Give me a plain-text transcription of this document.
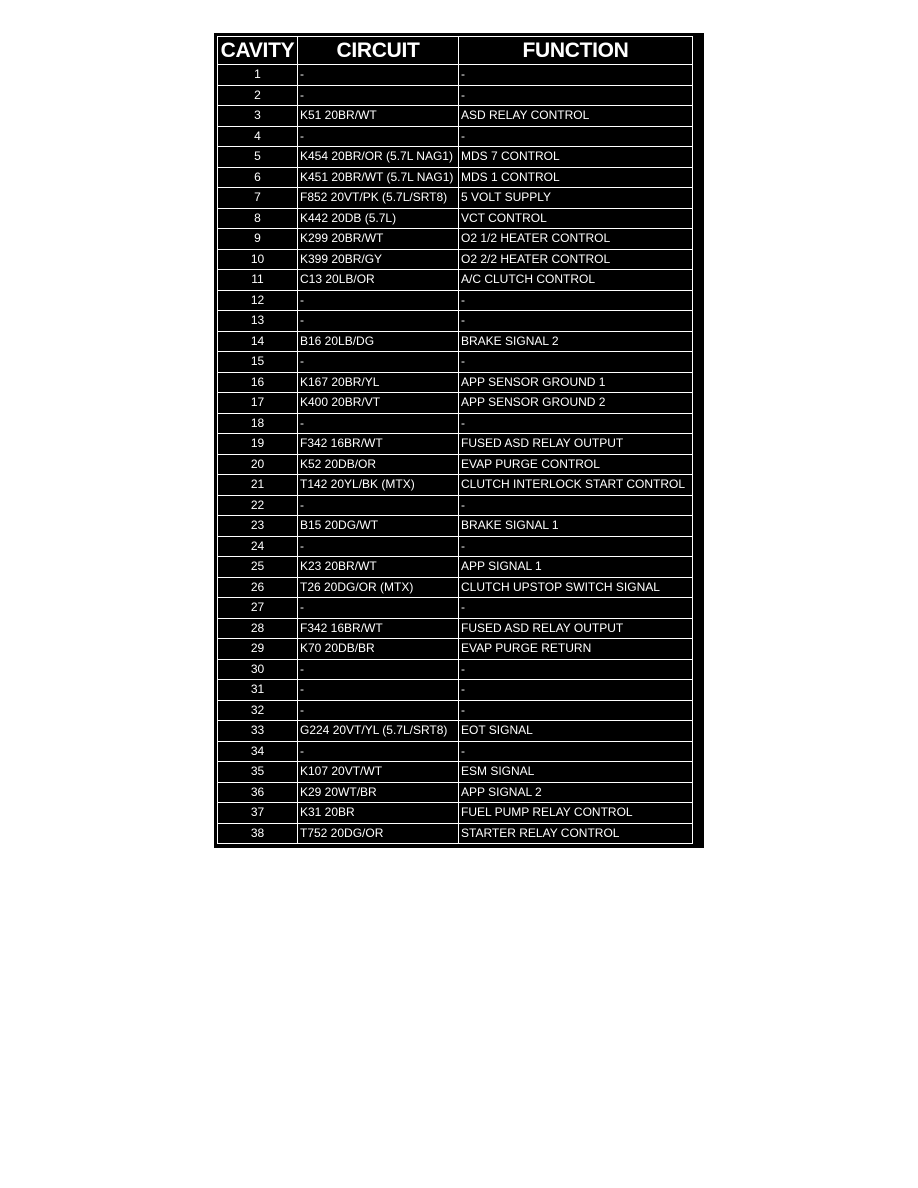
CAVITY	CIRCUIT	FUNCTION
1	-	-
2	-	-
3	K51 20BR/WT	ASD RELAY CONTROL
4	-	-
5	K454 20BR/OR (5.7L NAG1)	MDS 7 CONTROL
6	K451 20BR/WT (5.7L NAG1)	MDS 1 CONTROL
7	F852 20VT/PK (5.7L/SRT8)	5 VOLT SUPPLY
8	K442 20DB (5.7L)	VCT CONTROL
9	K299 20BR/WT	O2 1/2 HEATER CONTROL
10	K399 20BR/GY	O2 2/2 HEATER CONTROL
11	C13 20LB/OR	A/C CLUTCH CONTROL
12	-	-
13	-	-
14	B16 20LB/DG	BRAKE SIGNAL 2
15	-	-
16	K167 20BR/YL	APP SENSOR GROUND 1
17	K400 20BR/VT	APP SENSOR GROUND 2
18	-	-
19	F342 16BR/WT	FUSED ASD RELAY OUTPUT
20	K52 20DB/OR	EVAP PURGE CONTROL
21	T142 20YL/BK (MTX)	CLUTCH INTERLOCK START CONTROL
22	-	-
23	B15 20DG/WT	BRAKE SIGNAL 1
24	-	-
25	K23 20BR/WT	APP SIGNAL 1
26	T26 20DG/OR (MTX)	CLUTCH UPSTOP SWITCH SIGNAL
27	-	-
28	F342 16BR/WT	FUSED ASD RELAY OUTPUT
29	K70 20DB/BR	EVAP PURGE RETURN
30	-	-
31	-	-
32	-	-
33	G224 20VT/YL (5.7L/SRT8)	EOT SIGNAL
34	-	-
35	K107 20VT/WT	ESM SIGNAL
36	K29 20WT/BR	APP SIGNAL 2
37	K31 20BR	FUEL PUMP RELAY CONTROL
38	T752 20DG/OR	STARTER RELAY CONTROL
